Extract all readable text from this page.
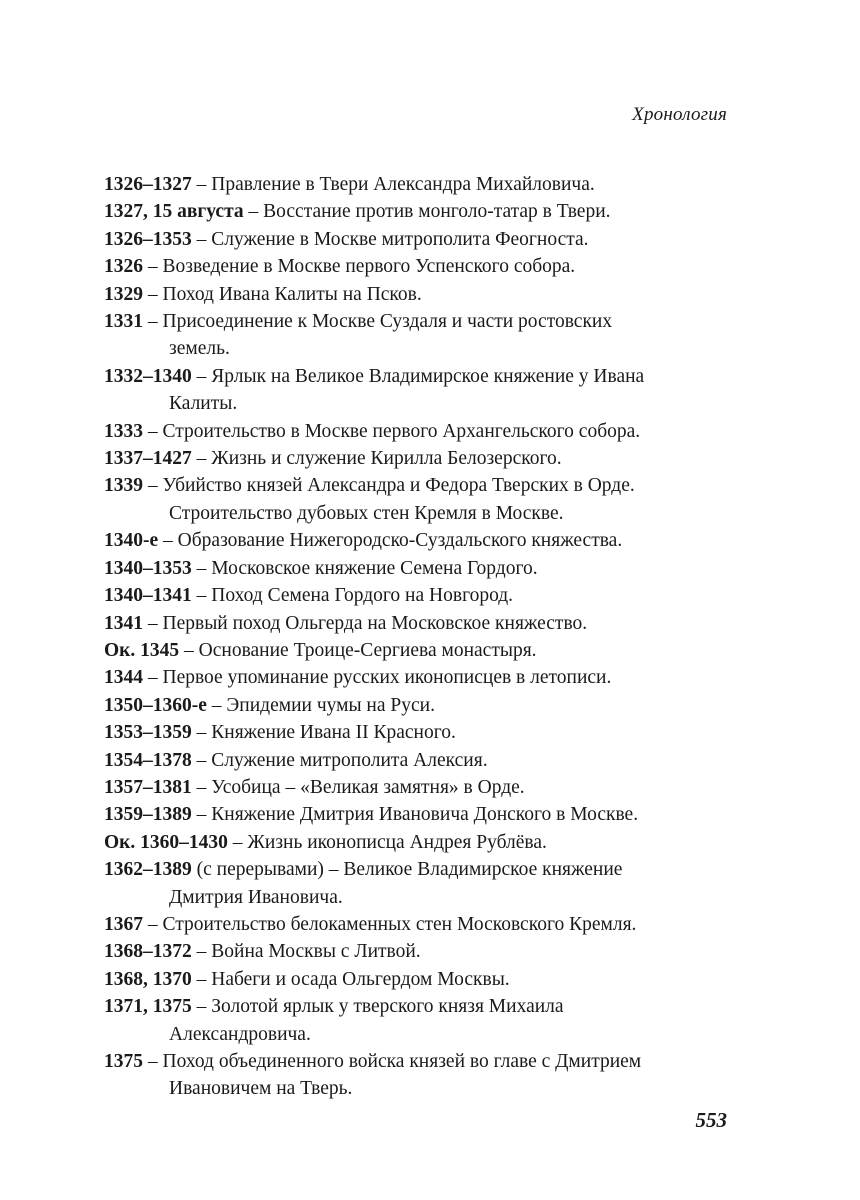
Хронология
1326–1327 – Правление в Твери Александра Михайловича.
1327, 15 августа – Восстание против монголо-татар в Твери.
1326–1353 – Служение в Москве митрополита Феогноста.
1326 – Возведение в Москве первого Успенского собора.
1329 – Поход Ивана Калиты на Псков.
1331 – Присоединение к Москве Суздаля и части ростовских
земель.
1332–1340 – Ярлык на Великое Владимирское княжение у Ивана
Калиты.
1333 – Строительство в Москве первого Архангельского собора.
1337–1427 – Жизнь и служение Кирилла Белозерского.
1339 – Убийство князей Александра и Федора Тверских в Орде.
Строительство дубовых стен Кремля в Москве.
1340-е – Образование Нижегородско-Суздальского княжества.
1340–1353 – Московское княжение Семена Гордого.
1340–1341 – Поход Семена Гордого на Новгород.
1341 – Первый поход Ольгерда на Московское княжество.
Ок. 1345 – Основание Троице-Сергиева монастыря.
1344 – Первое упоминание русских иконописцев в летописи.
1350–1360-е – Эпидемии чумы на Руси.
1353–1359 – Княжение Ивана II Красного.
1354–1378 – Служение митрополита Алексия.
1357–1381 – Усобица – «Великая замятня» в Орде.
1359–1389 – Княжение Дмитрия Ивановича Донского в Москве.
Ок. 1360–1430 – Жизнь иконописца Андрея Рублёва.
1362–1389 (с перерывами) – Великое Владимирское княжение
Дмитрия Ивановича.
1367 – Строительство белокаменных стен Московского Кремля.
1368–1372 – Война Москвы с Литвой.
1368, 1370 – Набеги и осада Ольгердом Москвы.
1371, 1375 – Золотой ярлык у тверского князя Михаила
Александровича.
1375 – Поход объединенного войска князей во главе с Дмитрием
Ивановичем на Тверь.
553
